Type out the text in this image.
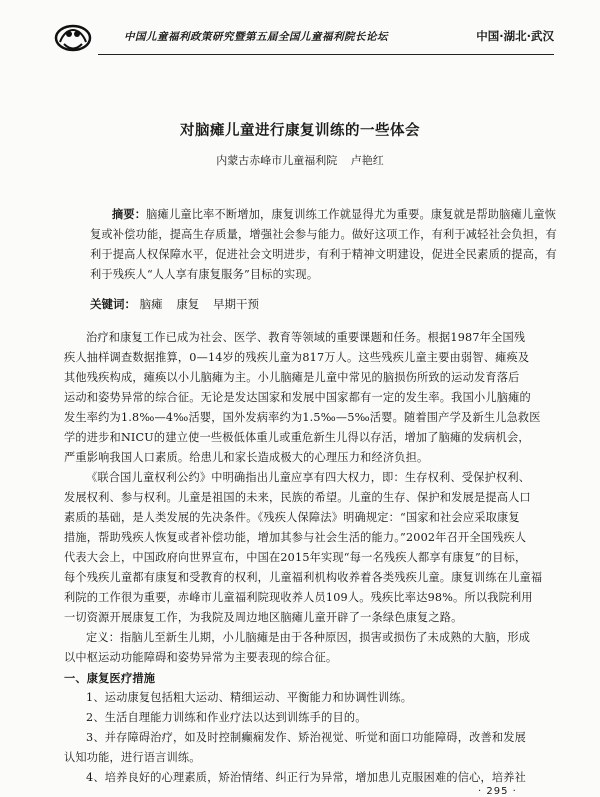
中国儿童福利政策研究暨第五届全国儿童福利院长论坛	中国·湖北·武汉
对脑瘫儿童进行康复训练的一些体会
内蒙古赤峰市儿童福利院 卢艳红
摘要：脑瘫儿童比率不断增加，康复训练工作就显得尤为重要。康复就是帮助脑瘫儿童恢
复或补偿功能，提高生存质量，增强社会参与能力。做好这项工作，有利于减轻社会负担，有
利于提高人权保障水平，促进社会文明进步，有利于精神文明建设，促进全民素质的提高，有
利于残疾人“人人享有康复服务”目标的实现。
关键词： 脑瘫 康复 早期干预

治疗和康复工作已成为社会、医学、教育等领域的重要课题和任务。根据1987年全国残
疾人抽样调查数据推算，0—14岁的残疾儿童为817万人。这些残疾儿童主要由弱智、瘫痪及
其他残疾构成，瘫痪以小儿脑瘫为主。小儿脑瘫是儿童中常见的脑损伤所致的运动发育落后
运动和姿势异常的综合征。无论是发达国家和发展中国家都有一定的发生率。我国小儿脑瘫的
发生率约为1.8‰—4‰活婴，国外发病率约为1.5‰—5‰活婴。随着围产学及新生儿急救医
学的进步和NICU的建立使一些极低体重儿或重危新生儿得以存活，增加了脑瘫的发病机会，
严重影响我国人口素质。给患儿和家长造成极大的心理压力和经济负担。

《联合国儿童权利公约》中明确指出儿童应享有四大权力，即：生存权利、受保护权利、
发展权利、参与权利。儿童是祖国的未来，民族的希望。儿童的生存、保护和发展是提高人口
素质的基础，是人类发展的先决条件。《残疾人保障法》明确规定：“国家和社会应采取康复
措施，帮助残疾人恢复或者补偿功能，增加其参与社会生活的能力。”2002年召开全国残疾人
代表大会上，中国政府向世界宣布，中国在2015年实现“每一名残疾人都享有康复”的目标，
每个残疾儿童都有康复和受教育的权利，儿童福利机构收养着各类残疾儿童。康复训练在儿童福
利院的工作很为重要，赤峰市儿童福利院现收养人员109人。残疾比率达98%。所以我院利用
一切资源开展康复工作，为我院及周边地区脑瘫儿童开辟了一条绿色康复之路。

定义：指脑儿至新生儿期，小儿脑瘫是由于各种原因，损害或损伤了未成熟的大脑，形成
以中枢运动功能障碍和姿势异常为主要表现的综合征。

一、康复医疗措施

1、运动康复包括粗大运动、精细运动、平衡能力和协调性训练。

2、生活自理能力训练和作业疗法以达到训练手的目的。

3、并存障碍治疗，如及时控制癫痫发作、矫治视觉、听觉和面口功能障碍，改善和发展
认知功能，进行语言训练。

4、培养良好的心理素质，矫治情绪、纠正行为异常，增加患儿克服困难的信心，培养社

· 295 ·
